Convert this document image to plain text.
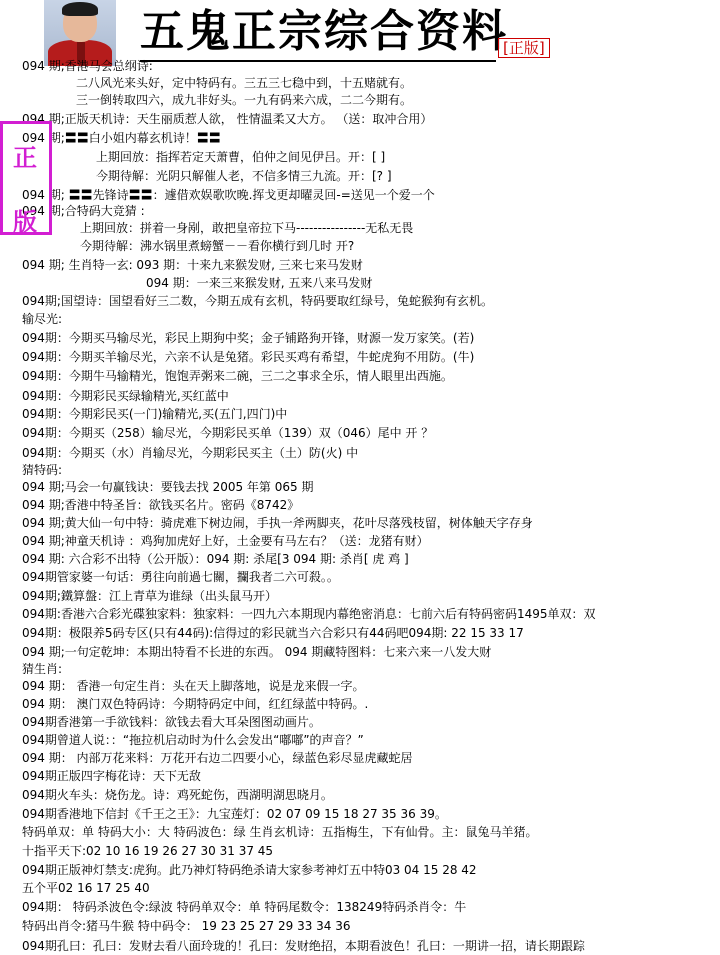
五鬼正宗综合资料
[正版]
正
版
094 期;香港马会总纲诗:
二八风光来头好，定中特码有。三五三七稳中到，十五赌就有。
三一倒转取四六，成九非好头。一九有码来六成，二二今期有。
094 期;正版天机诗：天生丽质惹人欲， 性情温柔又大方。 （送：取冲合用）
094 期;〓〓白小姐内幕玄机诗！〓〓
上期回放：指挥若定天萧曹，伯仲之间见伊吕。开：[ ]
今期待解：光阴只解催人老，不信多情三九流。开：[? ]
094 期; 〓〓先锋诗〓〓：遽借欢娱歌吹晚.挥戈更却曜灵回-=送见一个爱一个
094 期;合特码大竞猜 :
上期回放：拼着一身剐，敢把皇帝拉下马----------------无私无畏
今期待解：沸水锅里煮螃蟹－－看你横行到几时 开?
094 期; 生肖特一玄: 093 期：十来九来猴发财, 三来七来马发财
094 期：一来三来猴发财, 五来八来马发财
094期;国望诗：国望看好三二数，今期五成有玄机，特码要取红绿号，兔蛇猴狗有玄机。
输尽光:
094期：今期买马输尽光，彩民上期狗中奖；金子铺路狗开锋，财源一发万家笑。(若)
094期：今期买羊输尽光，六亲不认是兔猪。彩民买鸡有希望，牛蛇虎狗不用防。(牛)
094期：今期牛马输精光，饱饱弄粥来二碗，三二之事求全乐，情人眼里出西施。
094期：今期彩民买绿输精光,买红蓝中
094期：今期彩民买(一门)输精光,买(五门,四门)中
094期：今期买（258）输尽光，今期彩民买单（139）双（046）尾中 开 ？
094期：今期买（水）肖输尽光，今期彩民买主（土）防(火) 中
猜特码:
094 期;马会一句赢钱诀：要钱去找 2005 年第 065 期
094 期;香港中特圣旨：欲钱买名片。密码《8742》
094 期;黄大仙一句中特：骑虎难下树边闹，手执一斧两脚夹，花叶尽落残枝留，树体触天字存身
094 期;神童天机诗 ：鸡狗加虎好上好，土金要有马左右？（送：龙猪有财）
094 期: 六合彩不出特（公开版）：094 期: 杀尾[3 094 期: 杀肖[ 虎 鸡 ]
094期管家婆一句话：勇往向前過七關，攔我者二六可殺。。
094期;鐵算盤：江上青草为谁绿（出头鼠马开）
094期:香港六合彩光碟独家料：独家料：一四九六本期现内幕绝密消息：七前六后有特码密码1495单双：双
094期：极限养5码专区(只有44码):信得过的彩民就当六合彩只有44码吧094期: 22 15 33 17
094 期;一句定乾坤：本期出特看不长进的东西。 094 期藏特图料：七来六来一八发大财
猜生肖:
094 期： 香港一句定生肖：头在天上脚落地，说是龙来假一字。
094 期： 澳门双色特码诗：今期特码定中间，红红绿蓝中特码。.
094期香港第一手欲钱料：欲钱去看大耳朵图图动画片。
094期曾道人说：：“拖拉机启动时为什么会发出“嘟嘟”的声音？”
094 期： 内部万花来料：万花开右边二四要小心，绿蓝色彩尽显虎藏蛇居
094期正版四字梅花诗：天下无敌
094期火车头：烧伤龙。诗：鸡死蛇伤，西湖明湖思晓月。
094期香港地下信封《千王之王》：九宝莲灯：02 07 09 15 18 27 35 36 39。
特码单双：单 特码大小：大 特码波色：绿 生肖玄机诗：五指梅生，下有仙骨。主：鼠兔马羊猪。
十指平天下:02 10 16 19 26 27 30 31 37 45
094期正版神灯禁支:虎狗。此乃神灯特码绝杀请大家参考神灯五中特03 04 15 28 42
五个平02 16 17 25 40
094期： 特码杀波色令:绿波 特码单双令：单 特码尾数令：138249特码杀肖令：牛
特码出肖令:猪马牛猴 特中码令： 19 23 25 27 29 33 34 36
094期孔曰：孔曰：发财去看八面玲珑的！孔曰：发财绝招，本期看波色！孔曰：一期讲一招，请长期跟踪
